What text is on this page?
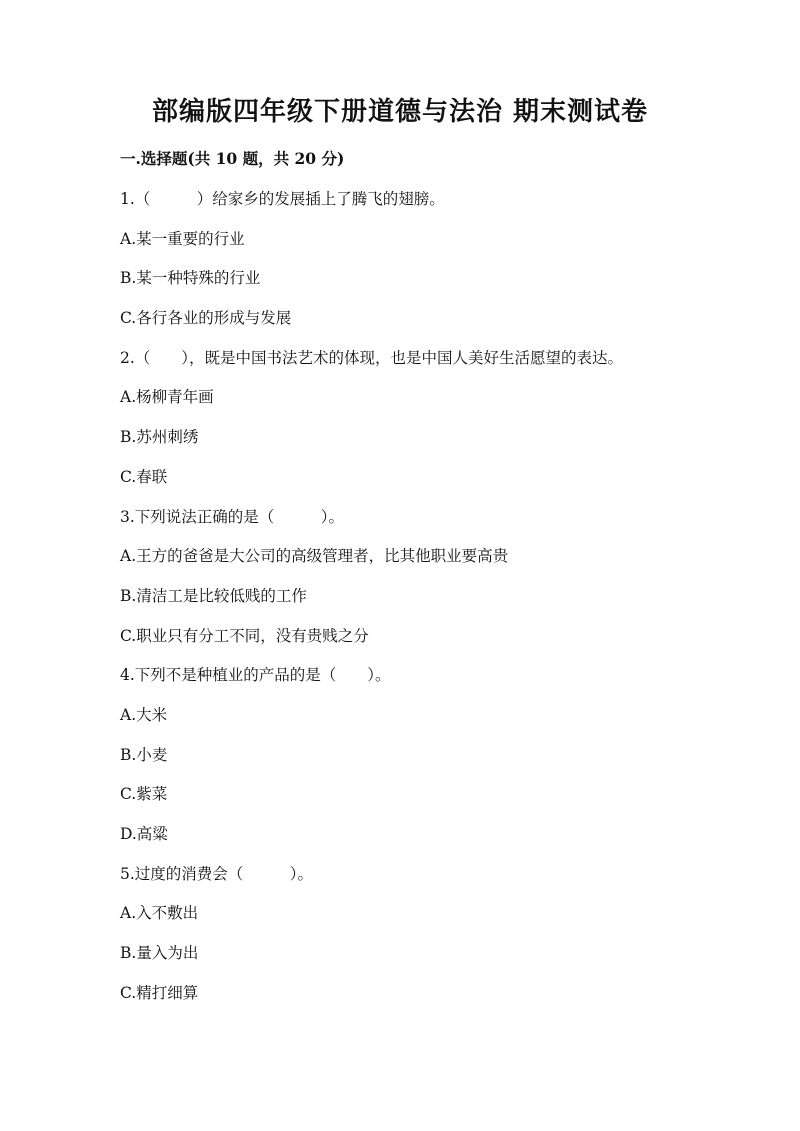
部编版四年级下册道德与法治 期末测试卷
一.选择题(共 10 题，共 20 分)
1.（　　　）给家乡的发展插上了腾飞的翅膀。
A.某一重要的行业
B.某一种特殊的行业
C.各行各业的形成与发展
2.（　　），既是中国书法艺术的体现，也是中国人美好生活愿望的表达。
A.杨柳青年画
B.苏州刺绣
C.春联
3.下列说法正确的是（　　　）。
A.王方的爸爸是大公司的高级管理者，比其他职业要高贵
B.清洁工是比较低贱的工作
C.职业只有分工不同，没有贵贱之分
4.下列不是种植业的产品的是（　　）。
A.大米
B.小麦
C.紫菜
D.高粱
5.过度的消费会（　　　）。
A.入不敷出
B.量入为出
C.精打细算
